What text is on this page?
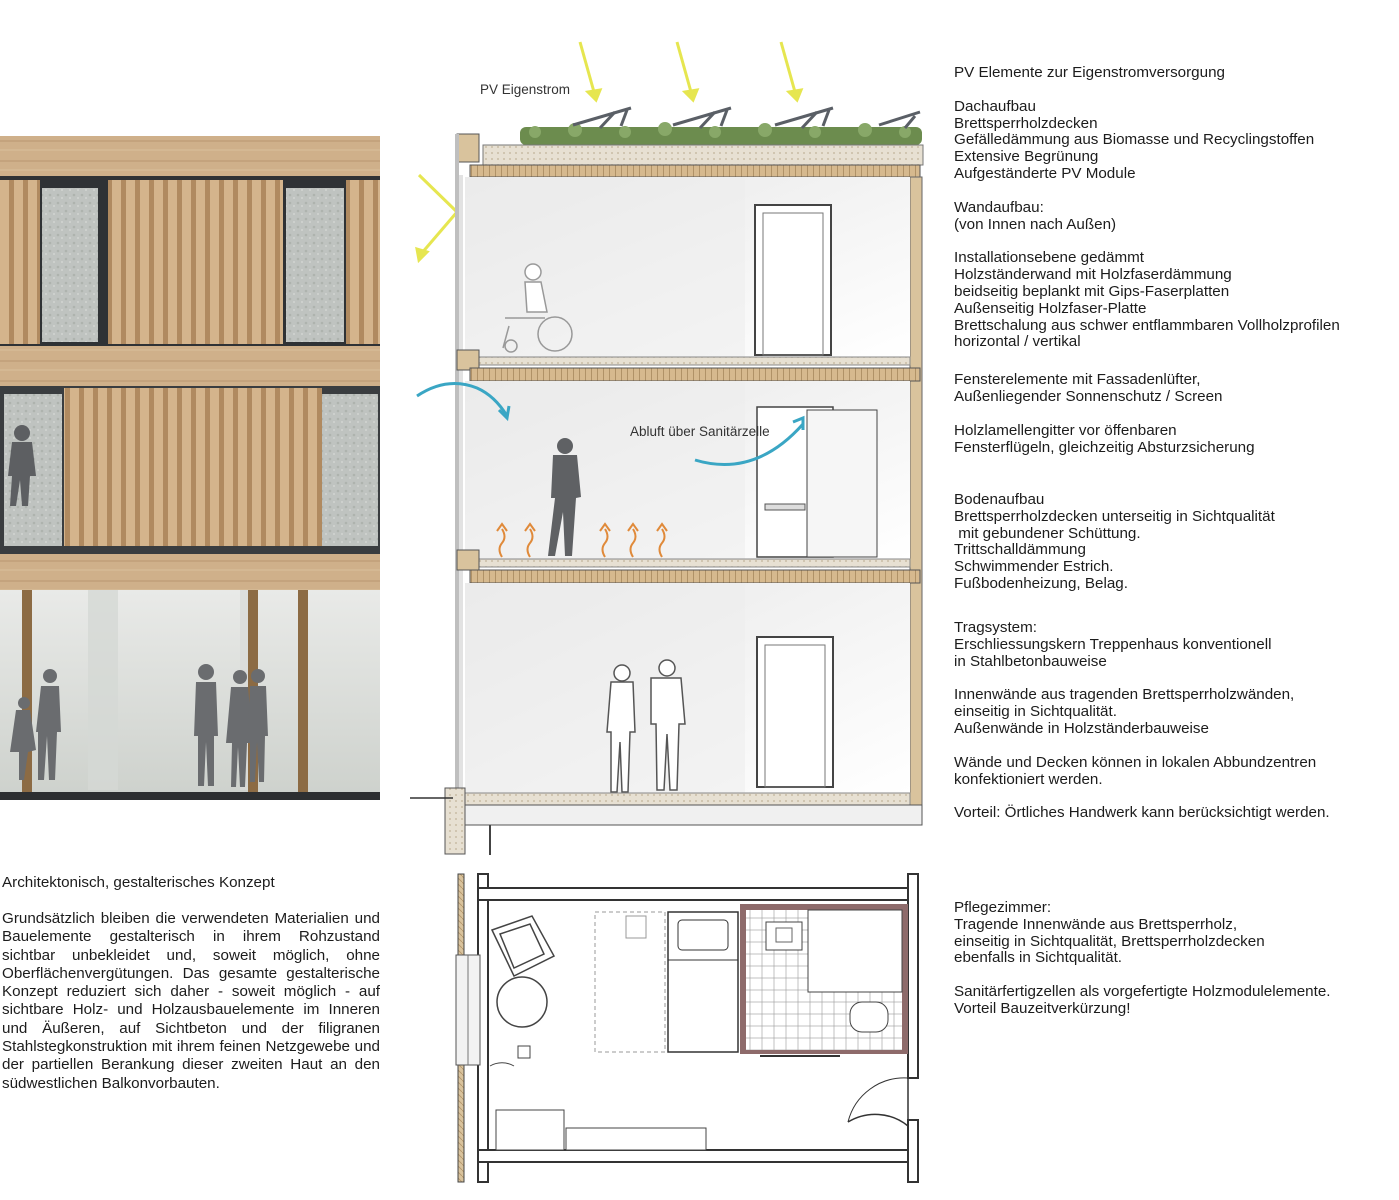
PV Eigenstrom
Abluft über Sanitärzelle
Architektonisch, gestalterisches Konzept
Grundsätzlich bleiben die verwendeten Materialien und Bauelemente gestalterisch in ihrem Rohzustand sichtbar unbekleidet und, soweit möglich, ohne Oberflächenvergütungen. Das gesamte gestalterische Konzept reduziert sich daher - soweit möglich - auf sichtbare Holz- und Holzausbauelemente im Inneren und Äußeren, auf Sichtbeton und der filigranen Stahlstegkonstruktion mit ihrem feinen Netzgewebe und der partiellen Berankung dieser zweiten Haut an den südwestlichen Balkonvorbauten.

PV Elemente zur Eigenstromversorgung

Dachaufbau

Brettsperrholzdecken

Gefälledämmung aus Biomasse und Recyclingstoffen

Extensive Begrünung

Aufgeständerte PV Module

Wandaufbau:

(von Innen nach Außen)

Installationsebene gedämmt

Holzständerwand mit Holzfaserdämmung

beidseitig beplankt mit Gips-Faserplatten

Außenseitig Holzfaser-Platte

Brettschalung aus schwer entflammbaren Vollholzprofilen

horizontal / vertikal

Fensterelemente mit Fassadenlüfter,

Außenliegender Sonnenschutz / Screen

Holzlamellengitter vor öffenbaren

Fensterflügeln, gleichzeitig Absturzsicherung

Bodenaufbau

Brettsperrholzdecken unterseitig in Sichtqualität

mit gebundener Schüttung.

Trittschalldämmung

Schwimmender Estrich.

Fußbodenheizung, Belag.

Tragsystem:

Erschliessungskern Treppenhaus konventionell

in Stahlbetonbauweise

Innenwände aus tragenden Brettsperrholzwänden,

einseitig in Sichtqualität.

Außenwände in Holzständerbauweise

Wände und Decken können in lokalen Abbundzentren

konfektioniert werden.

Vorteil: Örtliches Handwerk kann berücksichtigt werden.

Pflegezimmer:

Tragende Innenwände aus Brettsperrholz,

einseitig in Sichtqualität, Brettsperrholzdecken

ebenfalls in Sichtqualität.

Sanitärfertigzellen als vorgefertigte Holzmodulelemente.

Vorteil Bauzeitverkürzung!
